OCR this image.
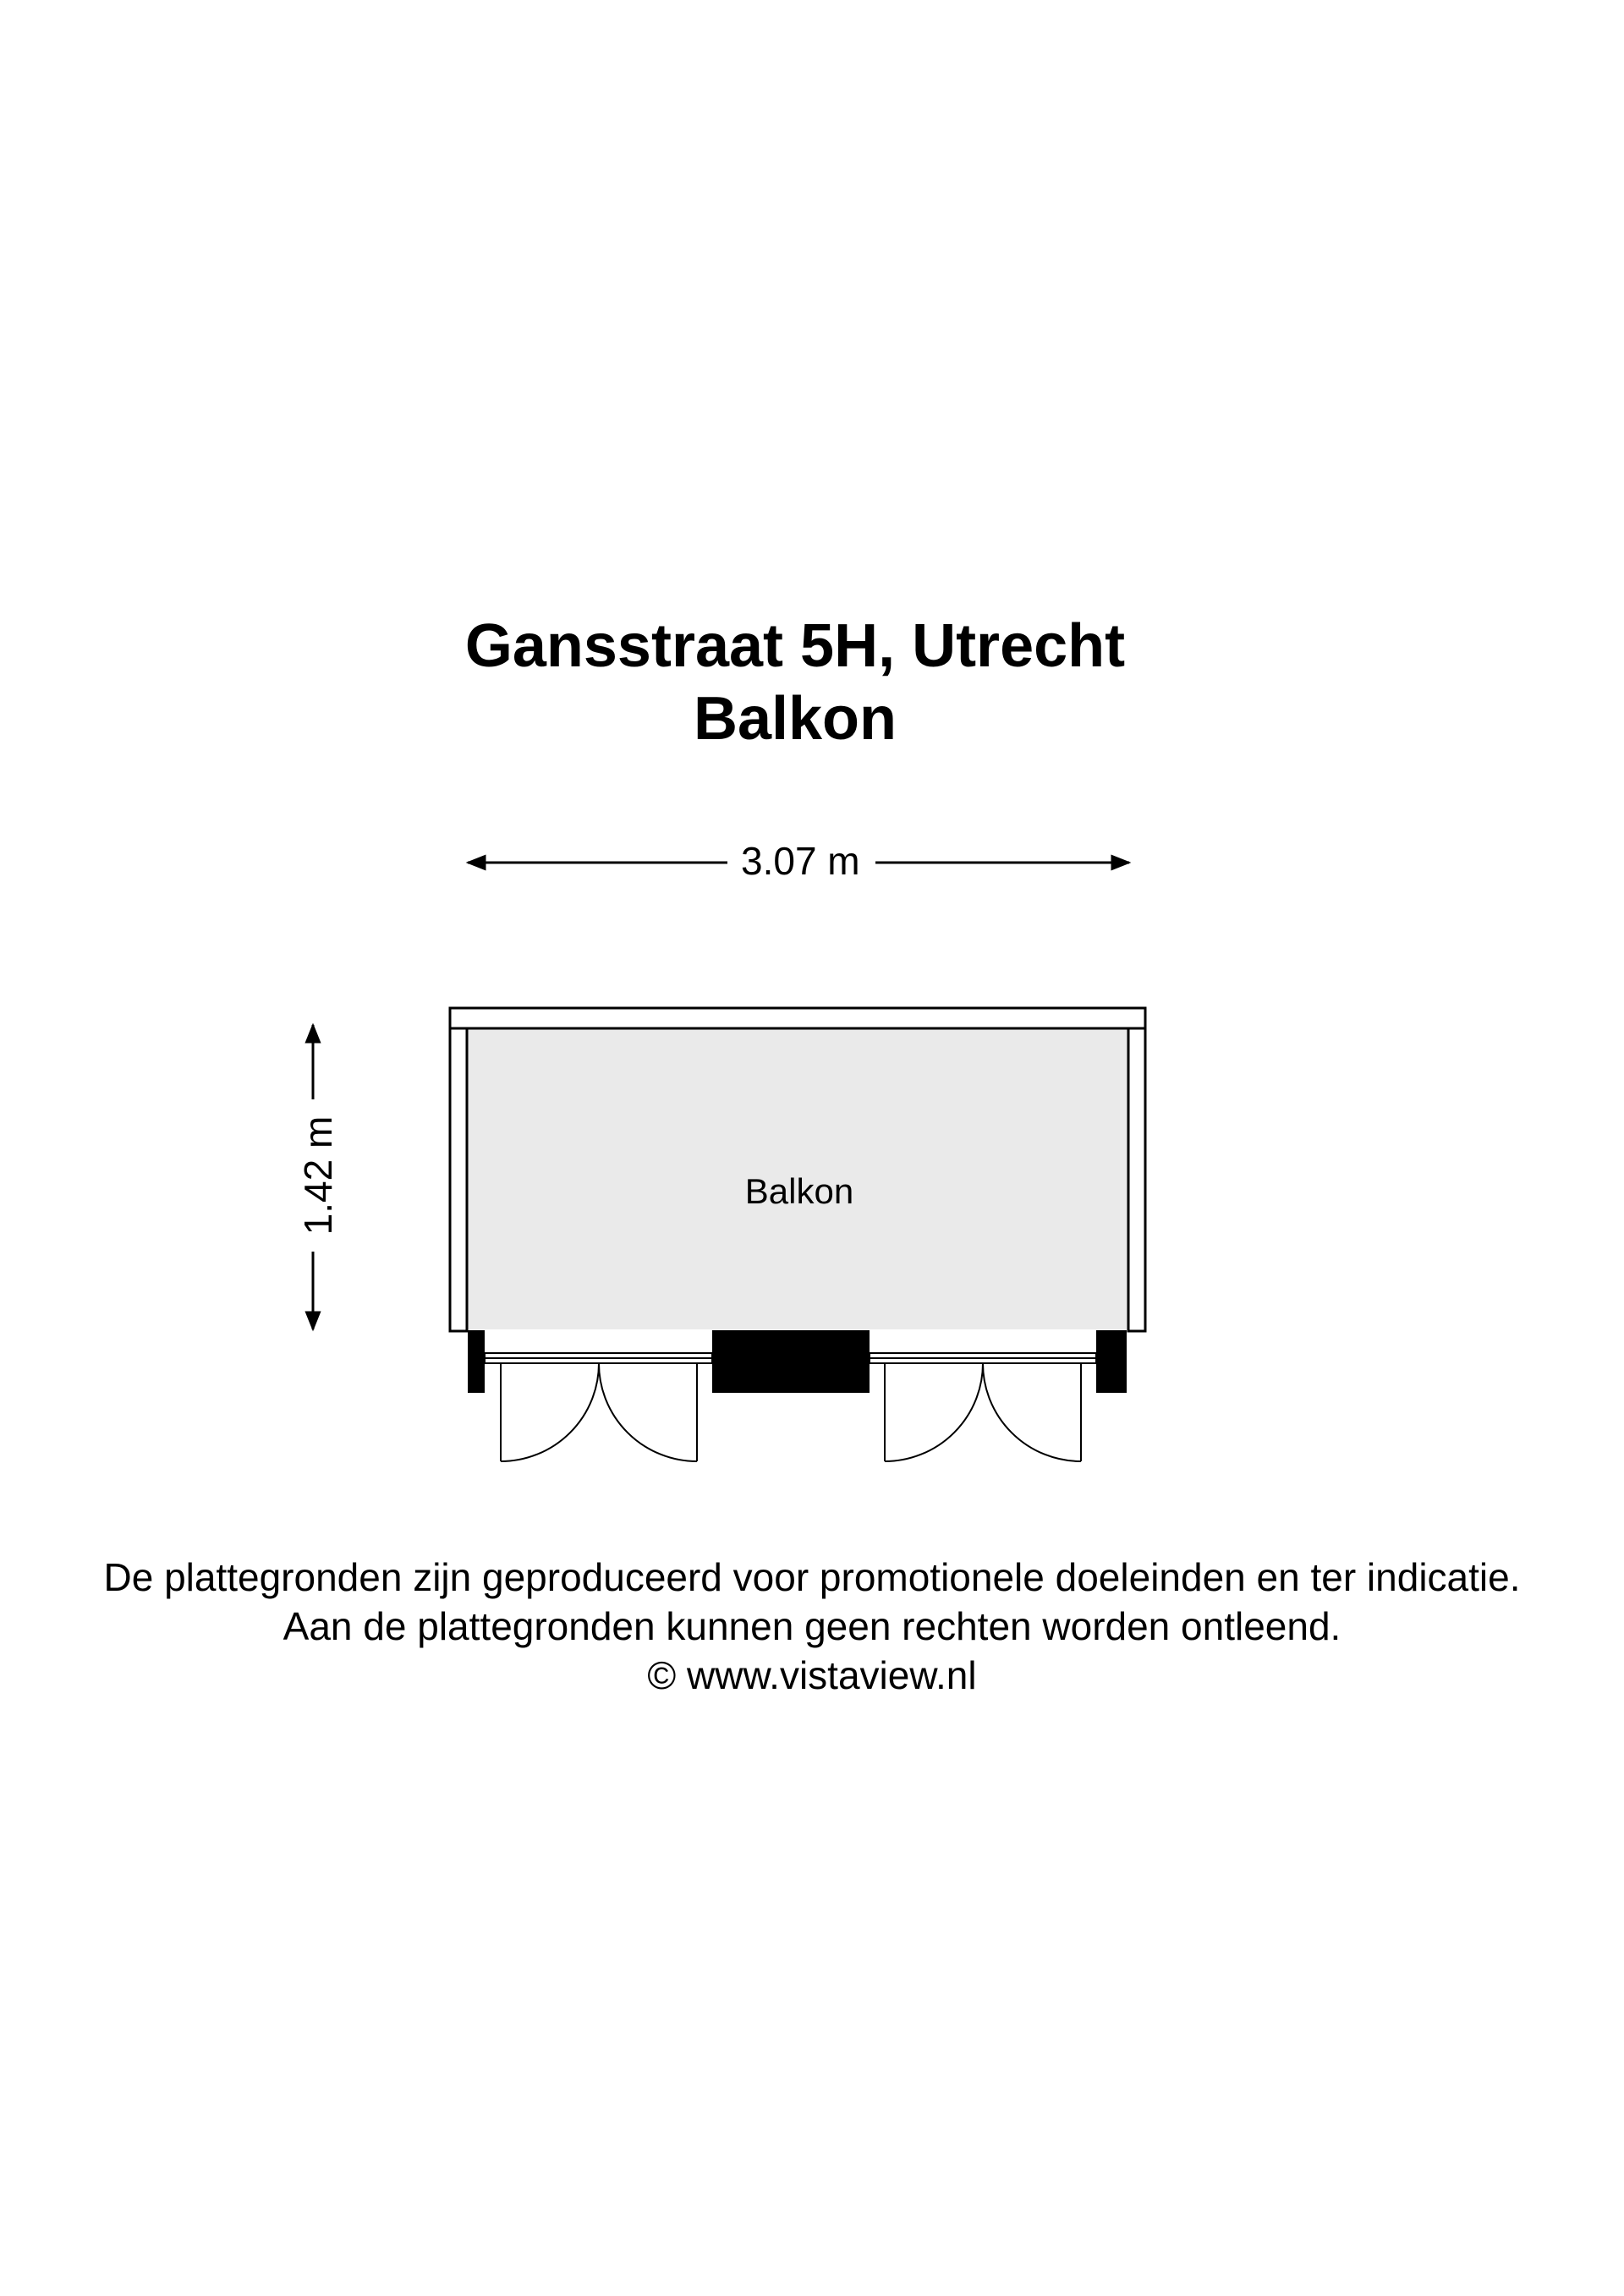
Gansstraat 5H, Utrecht
Balkon
3.07 m
1.42 m	Balkon
De plattegronden zijn geproduceerd voor promotionele doeleinden en ter indicatie.
Aan de plattegronden kunnen geen rechten worden ontleend.
© www.vistaview.nl
